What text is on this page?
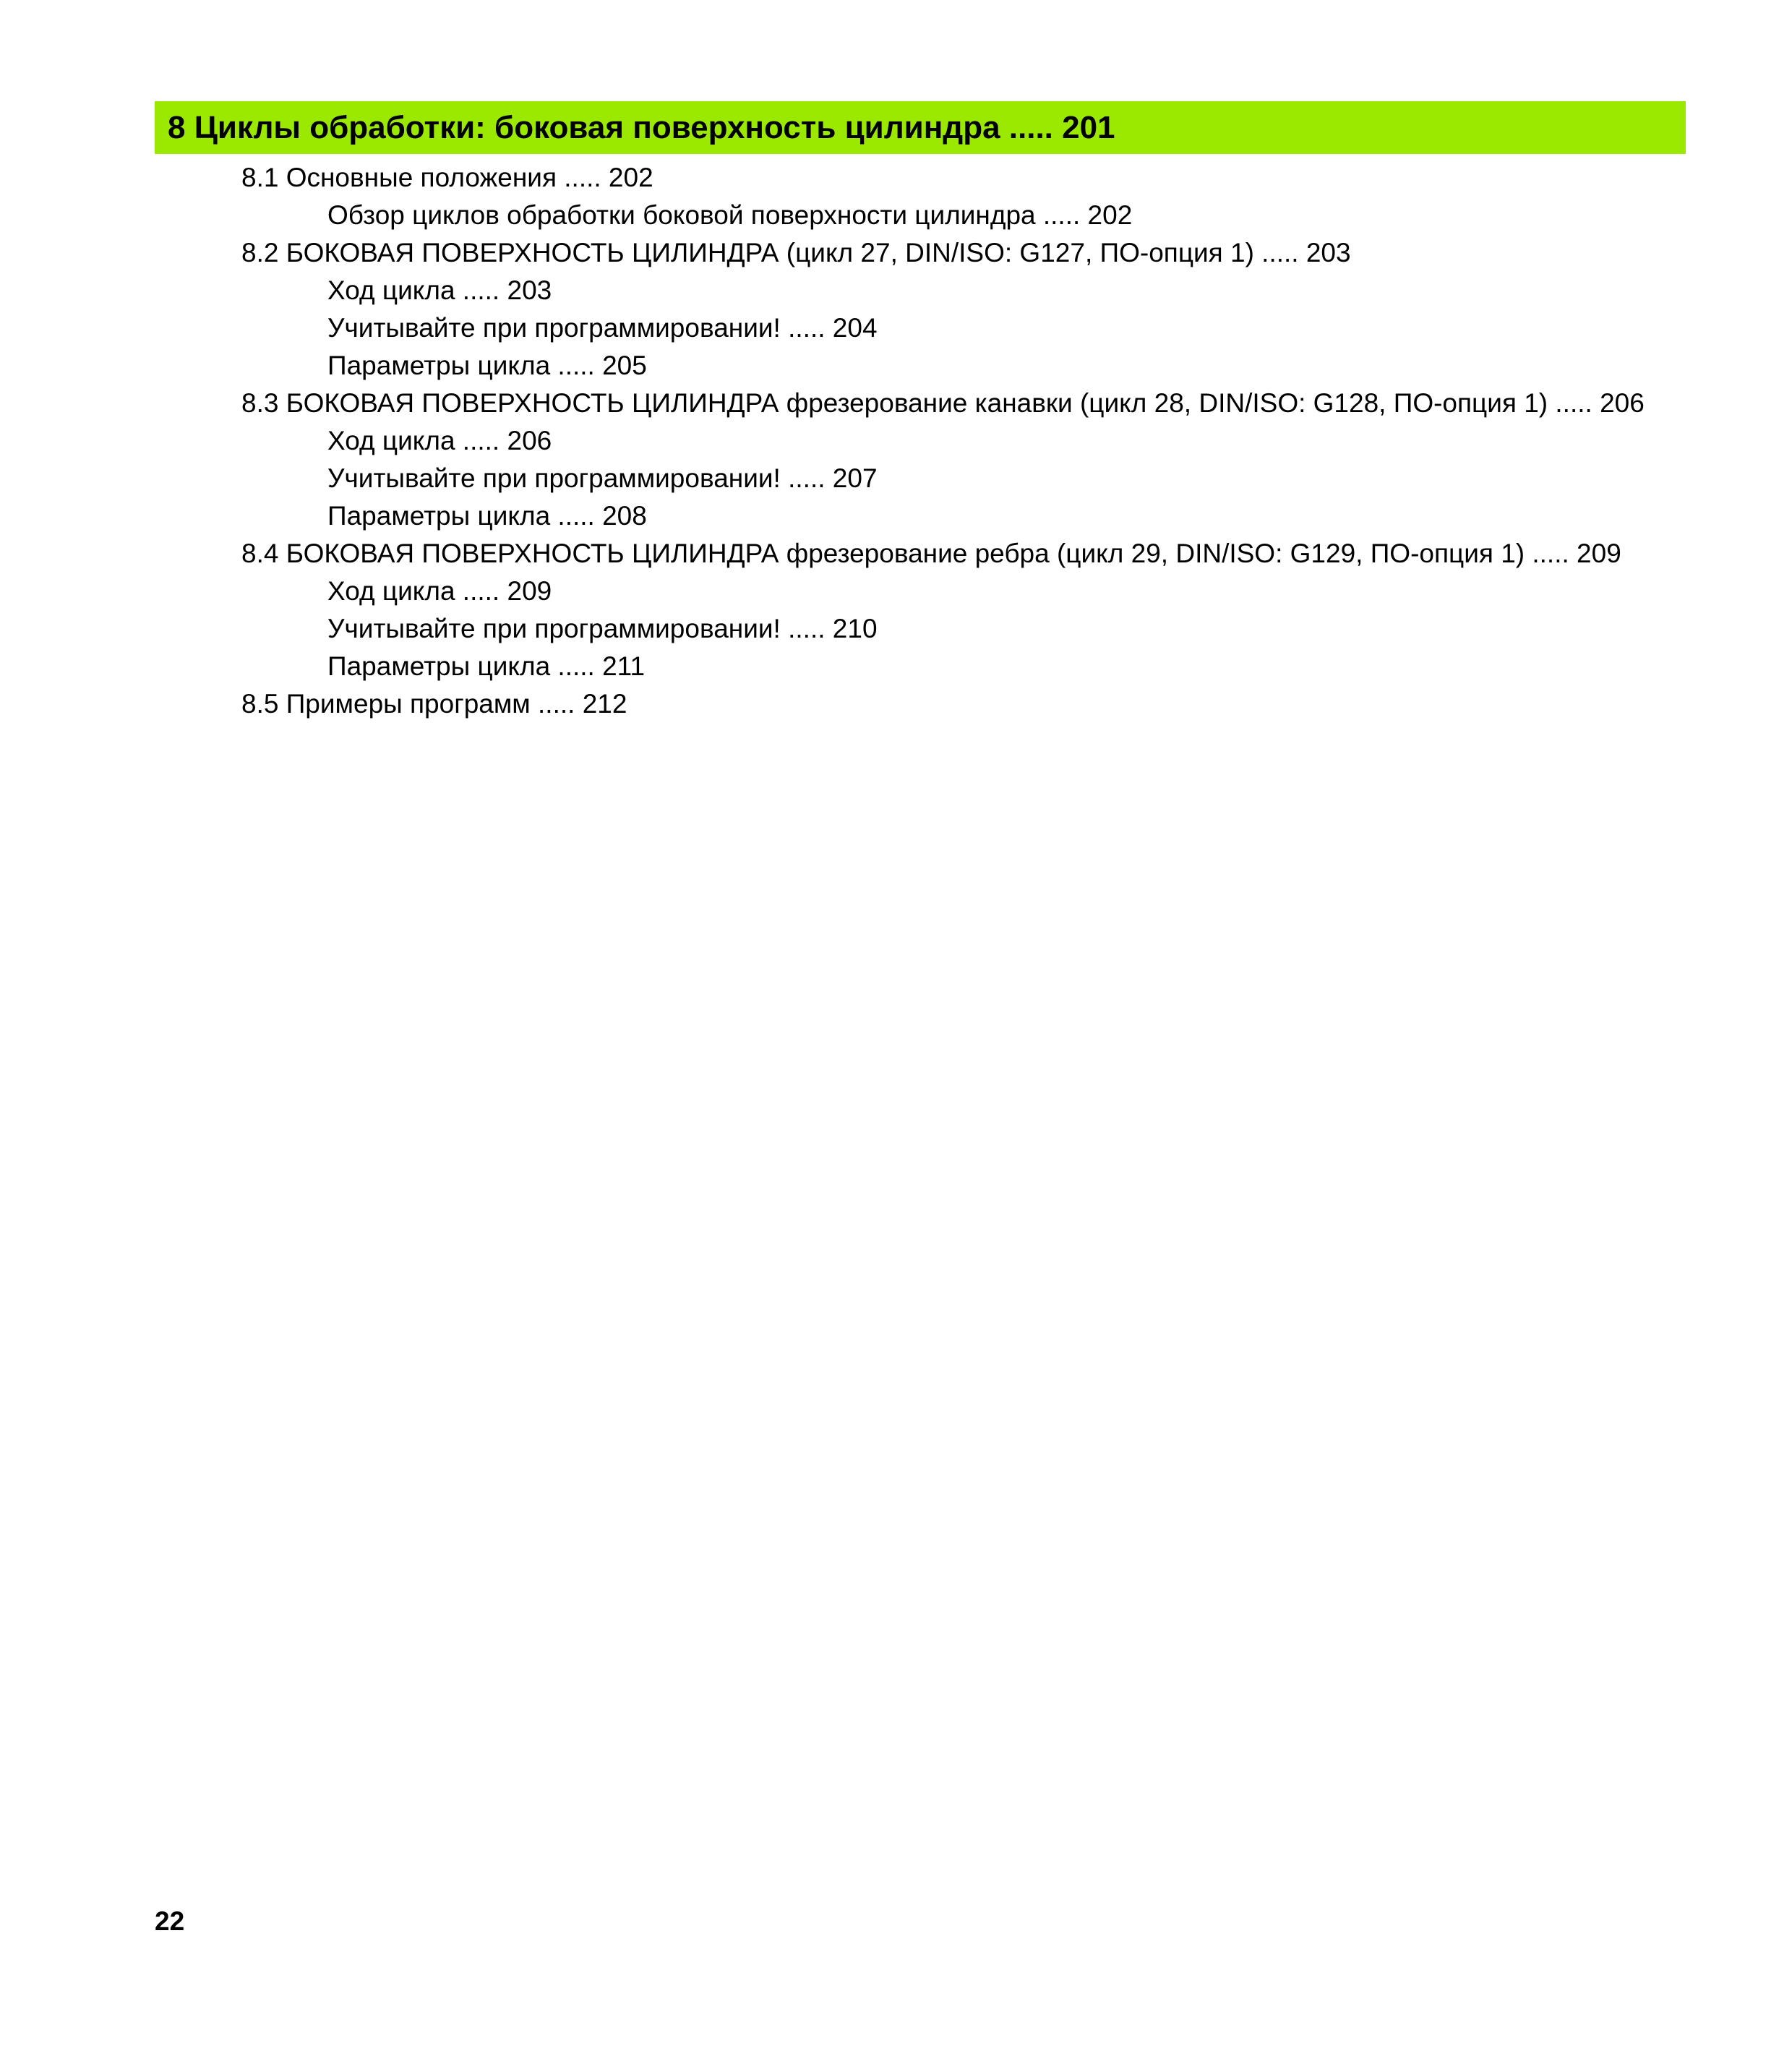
8 Циклы обработки: боковая поверхность цилиндра ..... 201
8.1 Основные положения ..... 202
Обзор циклов обработки боковой поверхности цилиндра ..... 202
8.2 БОКОВАЯ ПОВЕРХНОСТЬ ЦИЛИНДРА (цикл 27, DIN/ISO: G127, ПО-опция 1) ..... 203
Ход цикла ..... 203
Учитывайте при программировании! ..... 204
Параметры цикла ..... 205
8.3 БОКОВАЯ ПОВЕРХНОСТЬ ЦИЛИНДРА фрезерование канавки (цикл 28, DIN/ISO: G128, ПО-опция 1) ..... 206
Ход цикла ..... 206
Учитывайте при программировании! ..... 207
Параметры цикла ..... 208
8.4 БОКОВАЯ ПОВЕРХНОСТЬ ЦИЛИНДРА фрезерование ребра (цикл 29, DIN/ISO: G129, ПО-опция 1) ..... 209
Ход цикла ..... 209
Учитывайте при программировании! ..... 210
Параметры цикла ..... 211
8.5 Примеры программ ..... 212
22
